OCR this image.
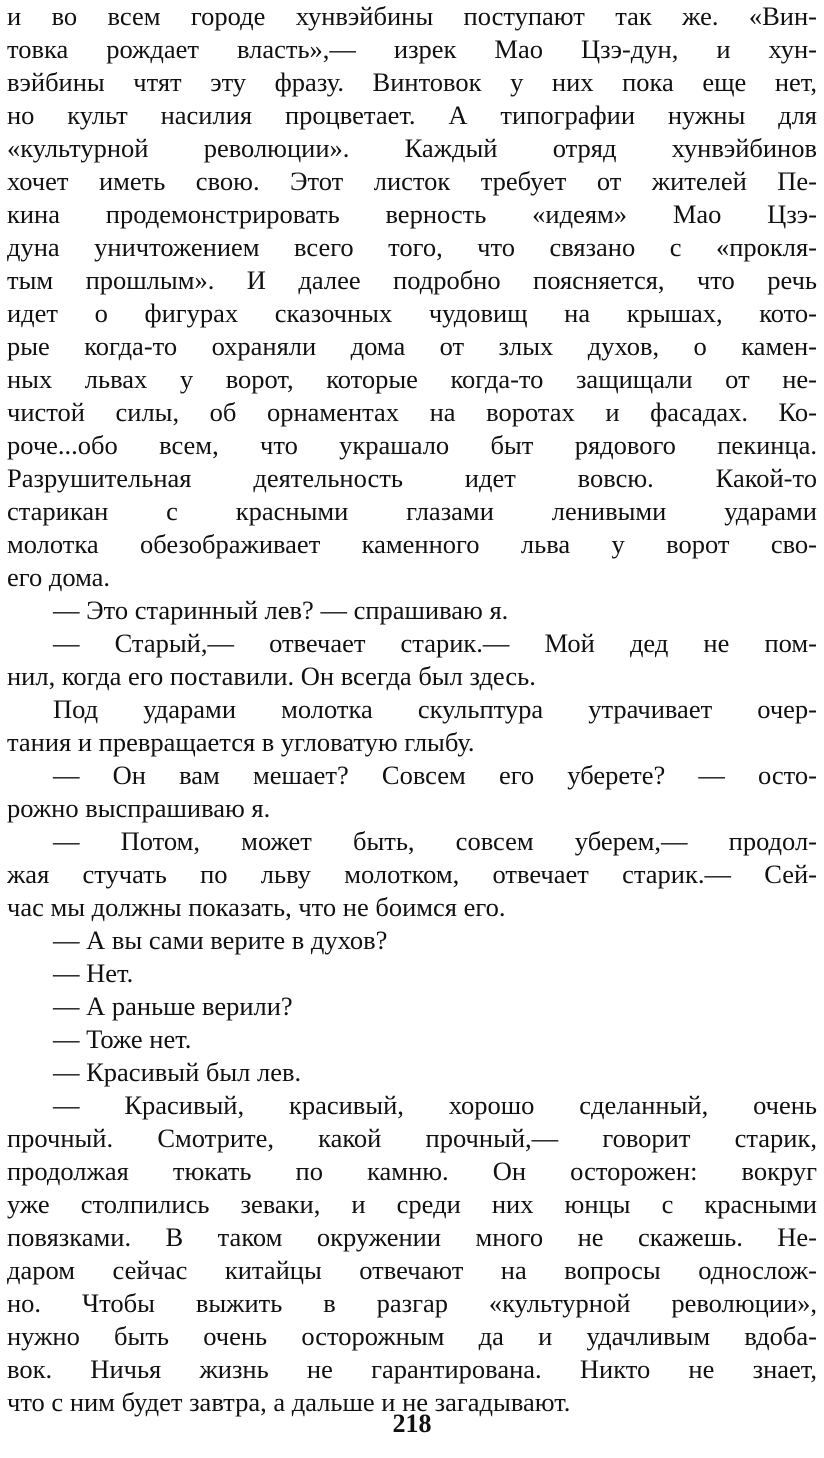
и во всем городе хунвэйбины поступают так же. «Вин-
товка рождает власть»,— изрек Мао Цзэ-дун, и хун-
вэйбины чтят эту фразу. Винтовок у них пока еще нет,
но культ насилия процветает. А типографии нужны для
«культурной революции». Каждый отряд хунвэйбинов
хочет иметь свою. Этот листок требует от жителей Пе-
кина продемонстрировать верность «идеям» Мао Цзэ-
дуна уничтожением всего того, что связано с «прокля-
тым прошлым». И далее подробно поясняется, что речь
идет о фигурах сказочных чудовищ на крышах, кото-
рые когда-то охраняли дома от злых духов, о камен-
ных львах у ворот, которые когда-то защищали от не-
чистой силы, об орнаментах на воротах и фасадах. Ко-
роче...обо всем, что украшало быт рядового пекинца.
Разрушительная деятельность идет вовсю. Какой-то
старикан с красными глазами ленивыми ударами
молотка обезображивает каменного льва у ворот сво-
его дома.
— Это старинный лев? — спрашиваю я.
— Старый,— отвечает старик.— Мой дед не пом-
нил, когда его поставили. Он всегда был здесь.
Под ударами молотка скульптура утрачивает очер-
тания и превращается в угловатую глыбу.
— Он вам мешает? Совсем его уберете? — осто-
рожно выспрашиваю я.
— Потом, может быть, совсем уберем,— продол-
жая стучать по льву молотком, отвечает старик.— Сей-
час мы должны показать, что не боимся его.
— А вы сами верите в духов?
— Нет.
— А раньше верили?
— Тоже нет.
— Красивый был лев.
— Красивый, красивый, хорошо сделанный, очень
прочный. Смотрите, какой прочный,— говорит старик,
продолжая тюкать по камню. Он осторожен: вокруг
уже столпились зеваки, и среди них юнцы с красными
повязками. В таком окружении много не скажешь. Не-
даром сейчас китайцы отвечают на вопросы однослож-
но. Чтобы выжить в разгар «культурной революции»,
нужно быть очень осторожным да и удачливым вдоба-
вок. Ничья жизнь не гарантирована. Никто не знает,
что с ним будет завтра, а дальше и не загадывают.
218
